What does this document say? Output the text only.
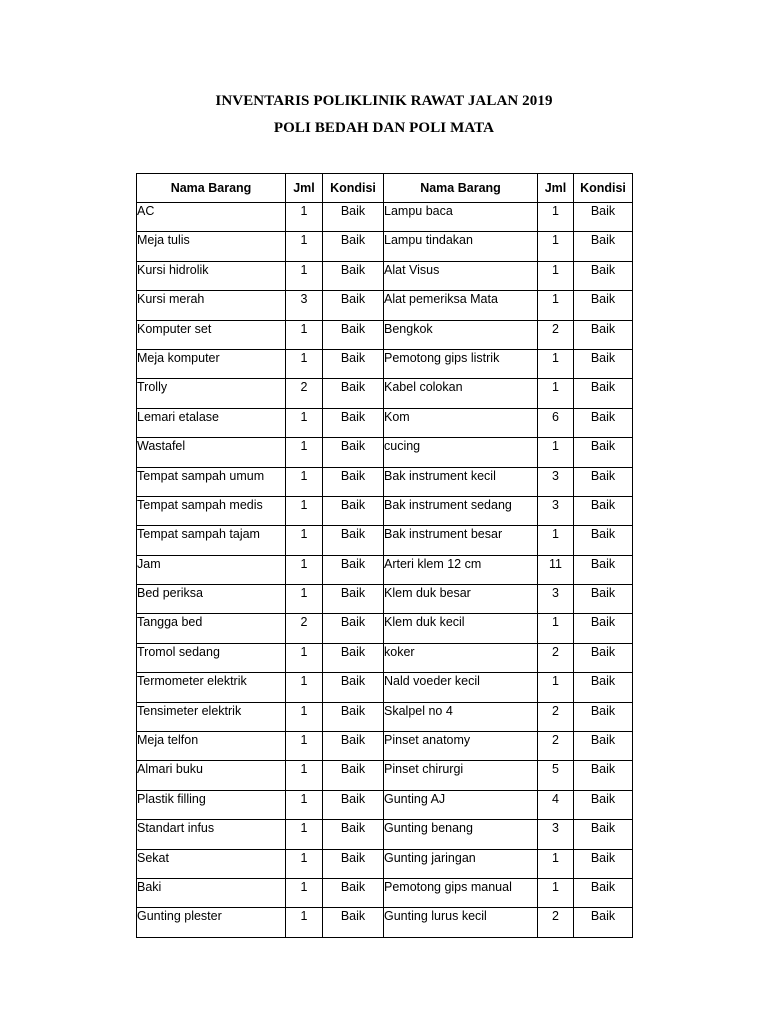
INVENTARIS POLIKLINIK RAWAT JALAN 2019
POLI BEDAH DAN POLI MATA
Nama Barang	Jml	Kondisi	Nama Barang	Jml	Kondisi
AC	1	Baik	Lampu baca	1	Baik
Meja tulis	1	Baik	Lampu tindakan	1	Baik
Kursi hidrolik	1	Baik	Alat Visus	1	Baik
Kursi merah	3	Baik	Alat pemeriksa Mata	1	Baik
Komputer set	1	Baik	Bengkok	2	Baik
Meja komputer	1	Baik	Pemotong gips listrik	1	Baik
Trolly	2	Baik	Kabel colokan	1	Baik
Lemari etalase	1	Baik	Kom	6	Baik
Wastafel	1	Baik	cucing	1	Baik
Tempat sampah umum	1	Baik	Bak instrument kecil	3	Baik
Tempat sampah medis	1	Baik	Bak instrument sedang	3	Baik
Tempat sampah tajam	1	Baik	Bak instrument besar	1	Baik
Jam	1	Baik	Arteri klem 12 cm	11	Baik
Bed periksa	1	Baik	Klem duk besar	3	Baik
Tangga bed	2	Baik	Klem duk kecil	1	Baik
Tromol sedang	1	Baik	koker	2	Baik
Termometer elektrik	1	Baik	Nald voeder kecil	1	Baik
Tensimeter elektrik	1	Baik	Skalpel no 4	2	Baik
Meja telfon	1	Baik	Pinset anatomy	2	Baik
Almari buku	1	Baik	Pinset chirurgi	5	Baik
Plastik filling	1	Baik	Gunting AJ	4	Baik
Standart infus	1	Baik	Gunting benang	3	Baik
Sekat	1	Baik	Gunting jaringan	1	Baik
Baki	1	Baik	Pemotong gips manual	1	Baik
Gunting plester	1	Baik	Gunting lurus kecil	2	Baik
